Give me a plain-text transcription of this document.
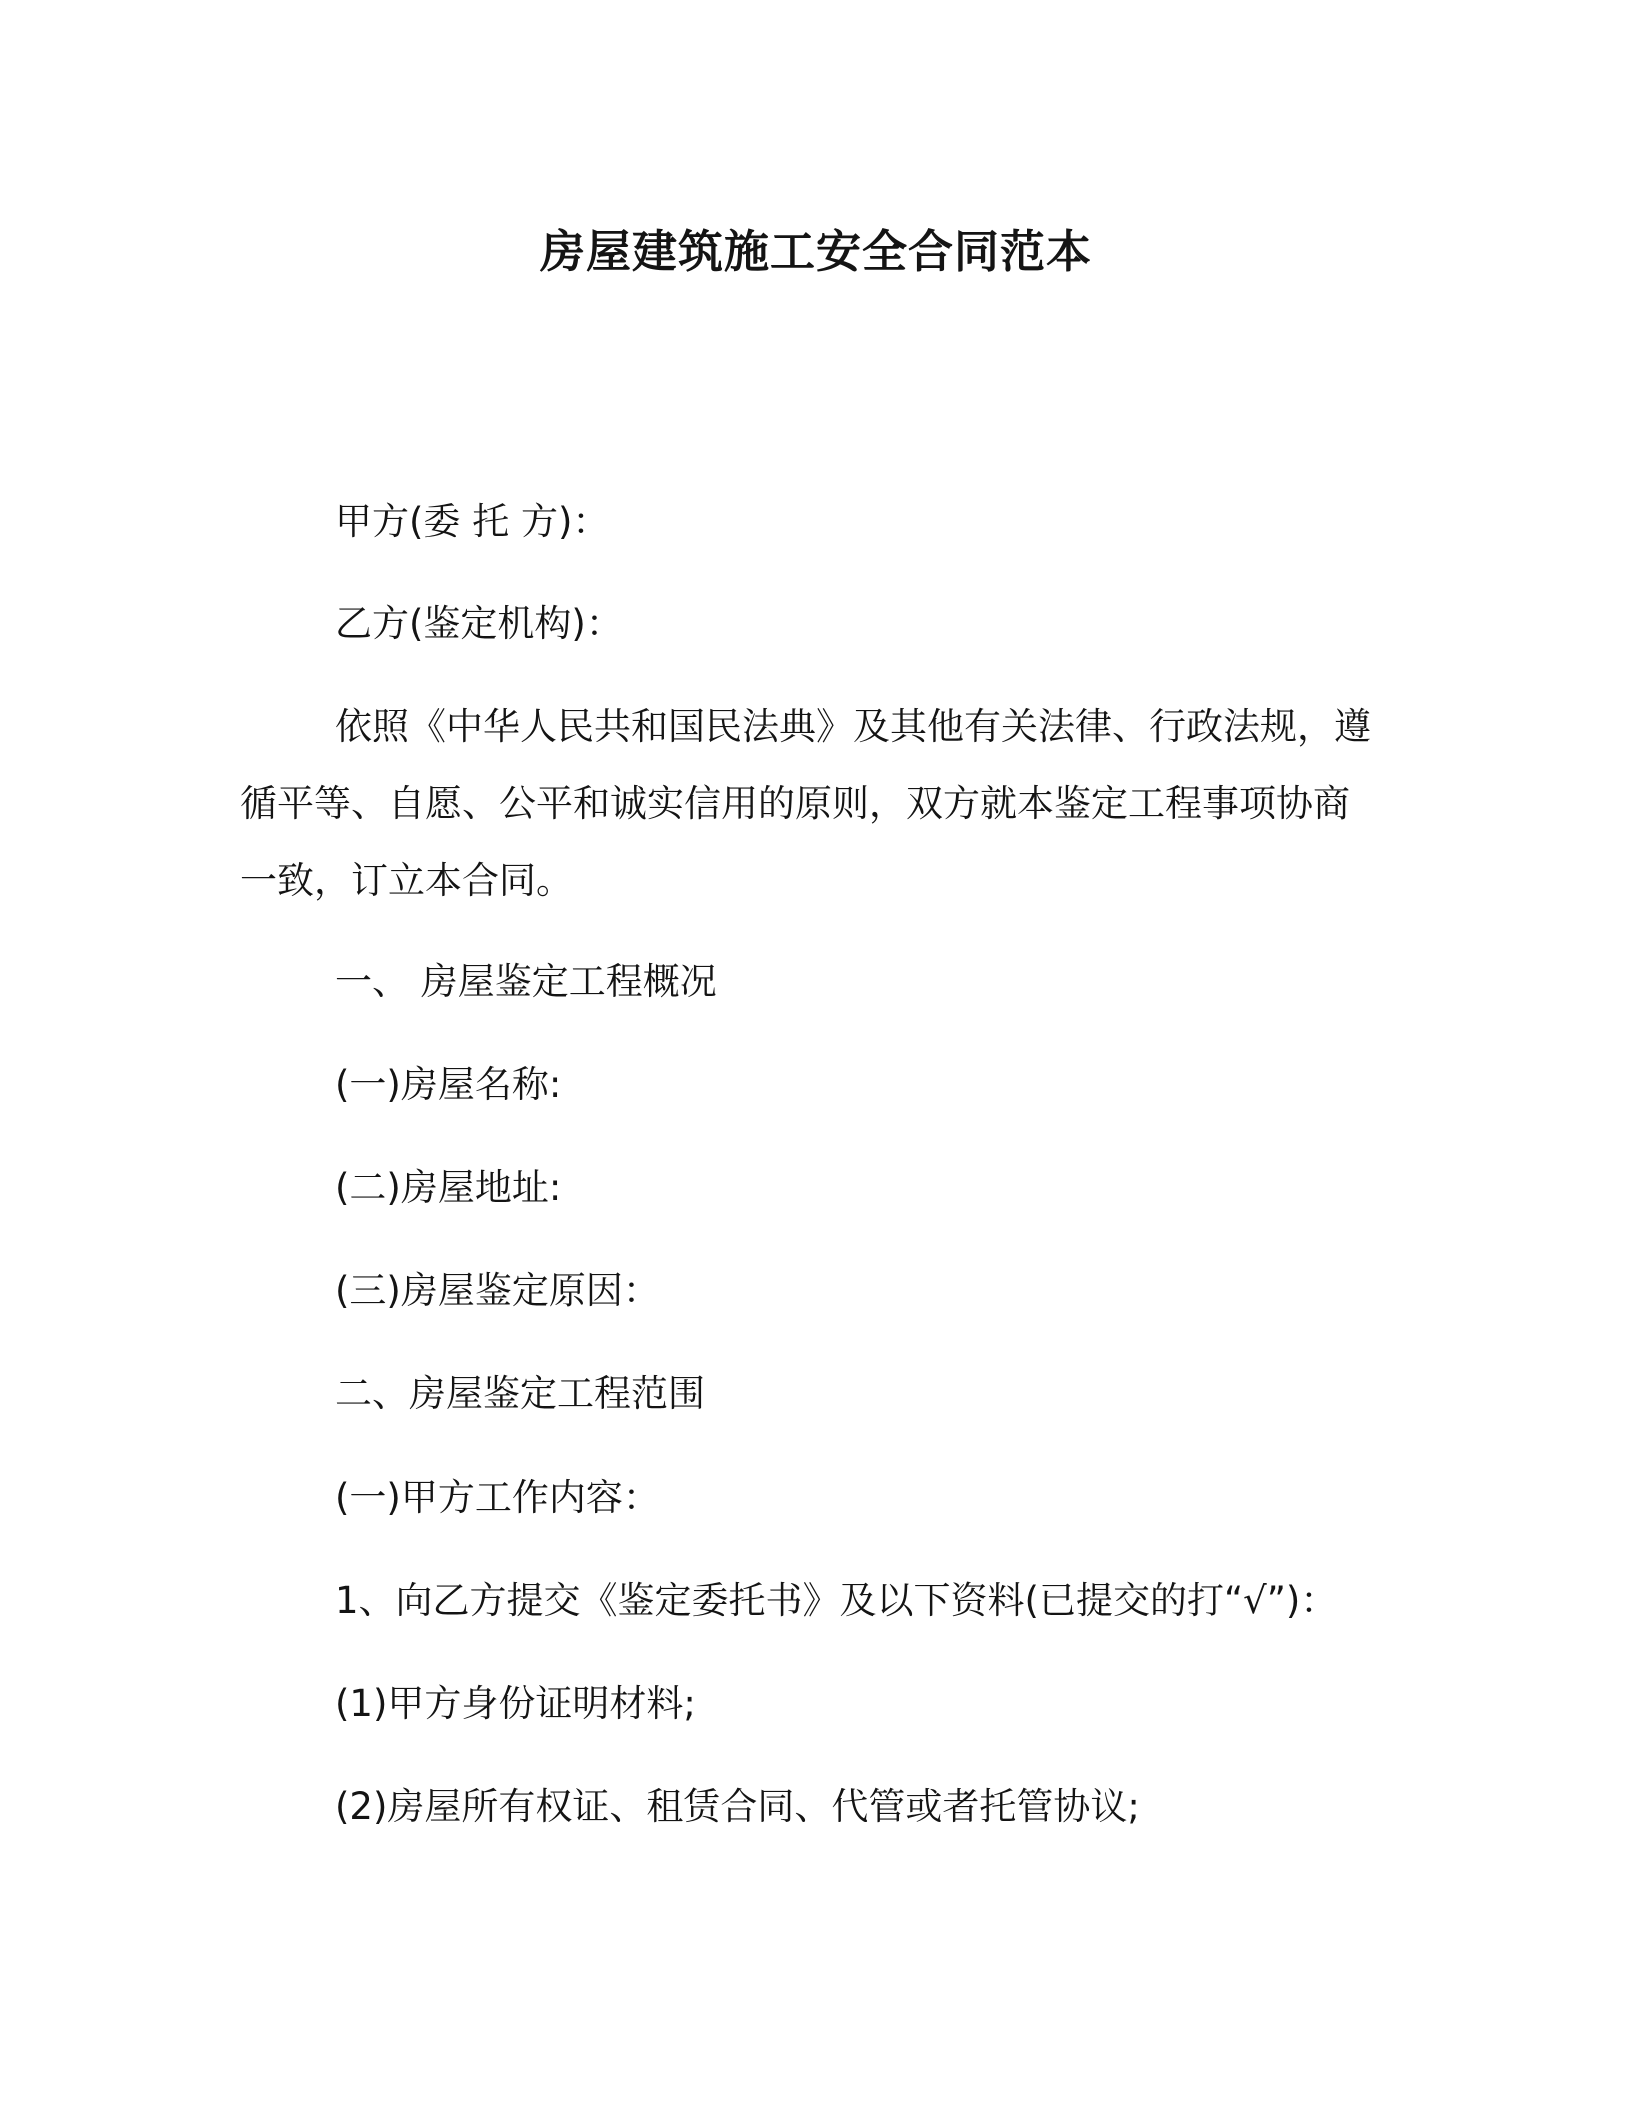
房屋建筑施工安全合同范本

甲方(委 托 方)：

乙方(鉴定机构)：

依照《中华人民共和国民法典》及其他有关法律、行政法规，遵

循平等、自愿、公平和诚实信用的原则，双方就本鉴定工程事项协商

一致，订立本合同。

一、 房屋鉴定工程概况

(一)房屋名称:

(二)房屋地址:

(三)房屋鉴定原因：

二、房屋鉴定工程范围

(一)甲方工作内容：

1、向乙方提交《鉴定委托书》及以下资料(已提交的打“√”)：

(1)甲方身份证明材料;

(2)房屋所有权证、租赁合同、代管或者托管协议;
